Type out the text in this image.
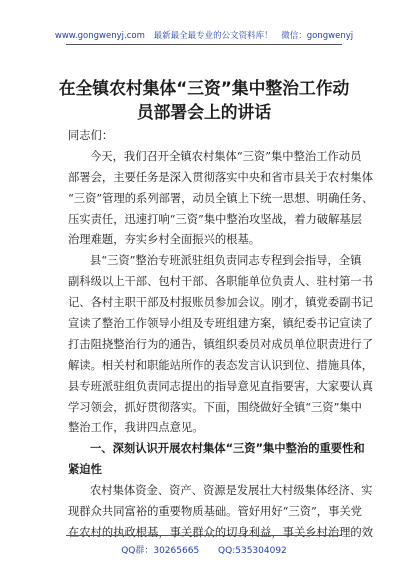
www.gongwenyj.com 最新最全最专业的公文资料库！ 微信：gongwenyj
在全镇农村集体“三资”集中整治工作动
员部署会上的讲话
同志们：
今天，我们召开全镇农村集体“三资”集中整治工作动员
部署会，主要任务是深入贯彻落实中央和省市县关于农村集体
“三资”管理的系列部署，动员全镇上下统一思想、明确任务、
压实责任，迅速打响“三资”集中整治攻坚战，着力破解基层
治理难题，夯实乡村全面振兴的根基。
县“三资”整治专班派驻组负责同志专程到会指导，全镇
副科级以上干部、包村干部、各职能单位负责人、驻村第一书
记、各村主职干部及村报账员参加会议。刚才，镇党委副书记
宣读了整治工作领导小组及专班组建方案，镇纪委书记宣读了
打击阻挠整治行为的通告，镇组织委员对成员单位职责进行了
解读。相关村和职能站所作的表态发言认识到位、措施具体，
县专班派驻组负责同志提出的指导意见直指要害，大家要认真
学习领会，抓好贯彻落实。下面，围绕做好全镇“三资”集中
整治工作，我讲四点意见。
一、深刻认识开展农村集体“三资”集中整治的重要性和
紧迫性
农村集体资金、资产、资源是发展壮大村级集体经济、实
现群众共同富裕的重要物质基础。管好用好“三资”，事关党
在农村的执政根基，事关群众的切身利益，事关乡村治理的效
QQ群：30265665 QQ:535304092
